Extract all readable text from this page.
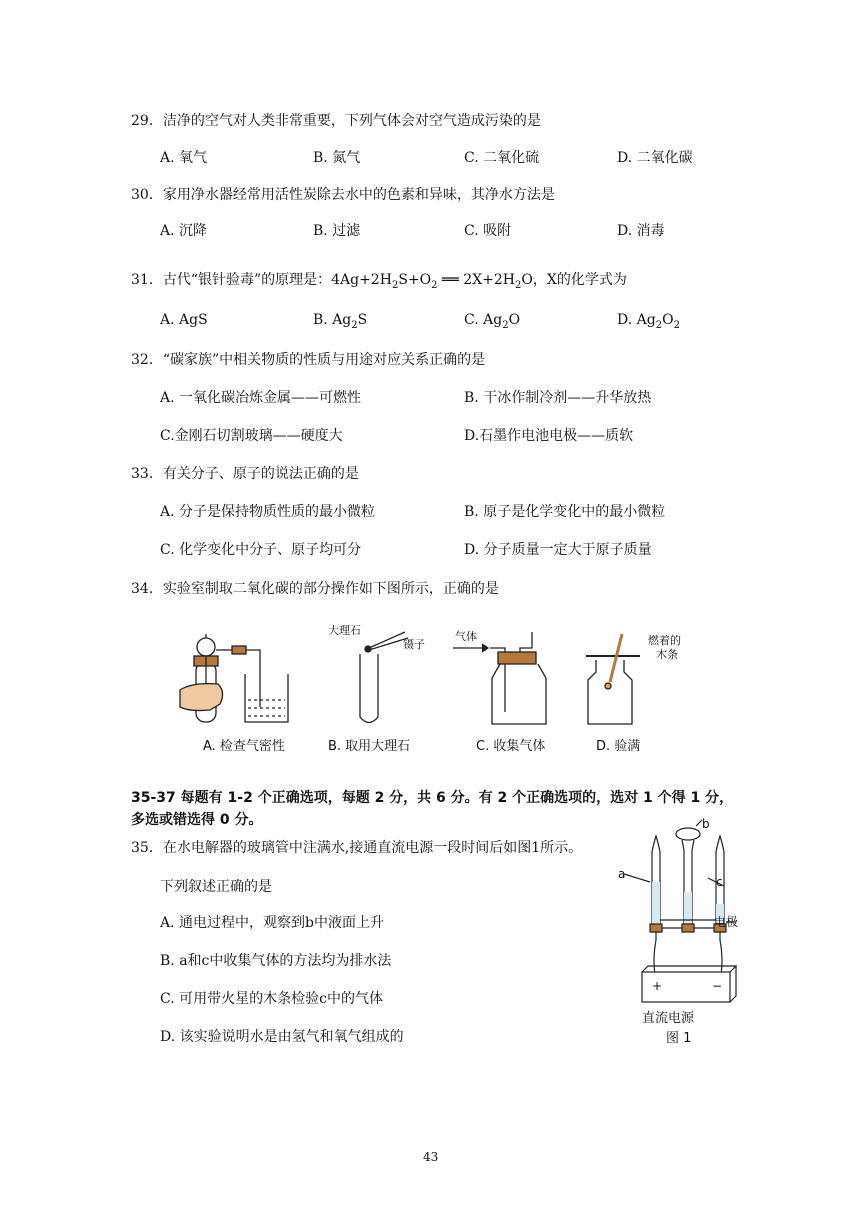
29．洁净的空气对人类非常重要，下列气体会对空气造成污染的是
A. 氧气	B. 氮气	C. 二氧化硫	D. 二氧化碳
30．家用净水器经常用活性炭除去水中的色素和异味，其净水方法是
A. 沉降	B. 过滤	C. 吸附	D. 消毒
31．古代“银针验毒”的原理是：$4Ag+2H_2S+O_2$ ══ $2X+2H_2O$，X的化学式为
A. AgS	B. $Ag_2S$	C. $Ag_2O$	D. $Ag_2O_2$
32．“碳家族”中相关物质的性质与用途对应关系正确的是
A. 一氧化碳冶炼金属——可燃性	B. 干冰作制冷剂——升华放热
C.金刚石切割玻璃——硬度大	D.石墨作电池电极——质软
33．有关分子、原子的说法正确的是
A. 分子是保持物质性质的最小微粒	B. 原子是化学变化中的最小微粒
C. 化学变化中分子、原子均可分	D. 分子质量一定大于原子质量
34．实验室制取二氧化碳的部分操作如下图所示，正确的是
A. 检查气密性
大理石
镊子
B. 取用大理石
气体
C. 收集气体
燃着的
木条
D. 验满
35-37 每题有 1-2 个正确选项，每题 2 分，共 6 分。有 2 个正确选项的，选对 1 个得 1 分，
多选或错选得 0 分。
35．在水电解器的玻璃管中注满水,接通直流电源一段时间后如图1所示。
下列叙述正确的是
A. 通电过程中，观察到b中液面上升
B. a和c中收集气体的方法均为排水法
C. 可用带火星的木条检验c中的气体
D. 该实验说明水是由氢气和氧气组成的
a
b
c
电极
+	−
直流电源
图 1
43
